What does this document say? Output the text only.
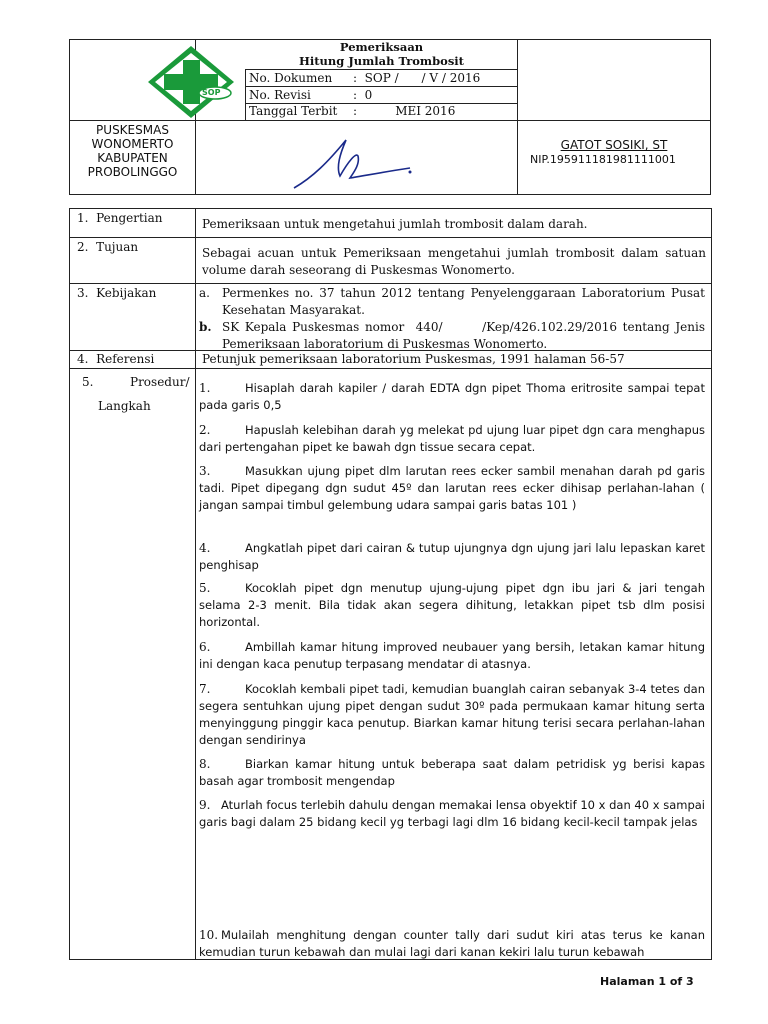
SOP
Pemeriksaan
Hitung Jumlah Trombosit
No. Dokumen :  SOP /      / V / 2016
No. Revisi	:  0
Tanggal Terbit :          MEI 2016
PUSKESMAS
WONOMERTO
KABUPATEN
PROBOLINGGO
GATOT SOSIKI, ST
NIP.195911181981111001
1.  Pengertian	Pemeriksaan untuk mengetahui jumlah trombosit dalam darah.
2.  Tujuan	Sebagai acuan untuk Pemeriksaan mengetahui jumlah trombosit dalam satuan volume darah seseorang di Puskesmas Wonomerto.
3.  Kebijakan	a. Permenkes no. 37 tahun 2012 tentang Penyelenggaraan Laboratorium Pusat Kesehatan Masyarakat.
b. SK Kepala Puskesmas nomor  440/       /Kep/426.102.29/2016 tentang Jenis Pemeriksaan laboratorium di Puskesmas Wonomerto.
4.  Referensi	Petunjuk pemeriksaan laboratorium Puskesmas, 1991 halaman 56-57
5.	Prosedur/
Langkah
1.	Hisaplah darah kapiler / darah EDTA dgn pipet Thoma eritrosite sampai tepat pada garis 0,5
2.	Hapuslah kelebihan darah yg melekat pd ujung luar pipet dgn cara menghapus dari pertengahan pipet ke bawah dgn tissue secara cepat.
3.	Masukkan ujung pipet dlm larutan rees ecker sambil menahan darah pd garis tadi. Pipet dipegang dgn sudut 45º dan larutan rees ecker dihisap perlahan-lahan ( jangan sampai timbul gelembung udara sampai garis batas 101 )
4.	Angkatlah pipet dari cairan & tutup ujungnya dgn ujung jari lalu lepaskan karet penghisap
5.	Kocoklah pipet dgn menutup ujung-ujung pipet dgn ibu jari & jari tengah selama 2-3 menit. Bila tidak akan segera dihitung, letakkan pipet tsb dlm posisi horizontal.
6.	Ambillah kamar hitung improved neubauer yang bersih, letakan kamar hitung ini dengan kaca penutup terpasang mendatar di atasnya.
7.	Kocoklah kembali pipet tadi, kemudian buanglah cairan sebanyak 3-4 tetes dan segera sentuhkan ujung pipet dengan sudut 30º pada permukaan kamar hitung serta menyinggung pinggir kaca penutup. Biarkan kamar hitung terisi secara perlahan-lahan dengan sendirinya
8.	Biarkan kamar hitung untuk beberapa saat dalam petridisk yg berisi kapas basah agar trombosit mengendap
9. Aturlah focus terlebih dahulu dengan memakai lensa obyektif 10 x dan 40 x sampai garis bagi dalam 25 bidang kecil yg terbagi lagi dlm 16 bidang kecil-kecil tampak jelas
10. Mulailah menghitung dengan counter tally dari sudut kiri atas terus ke kanan kemudian turun kebawah dan mulai lagi dari kanan kekiri lalu turun kebawah
Halaman 1 of 3
